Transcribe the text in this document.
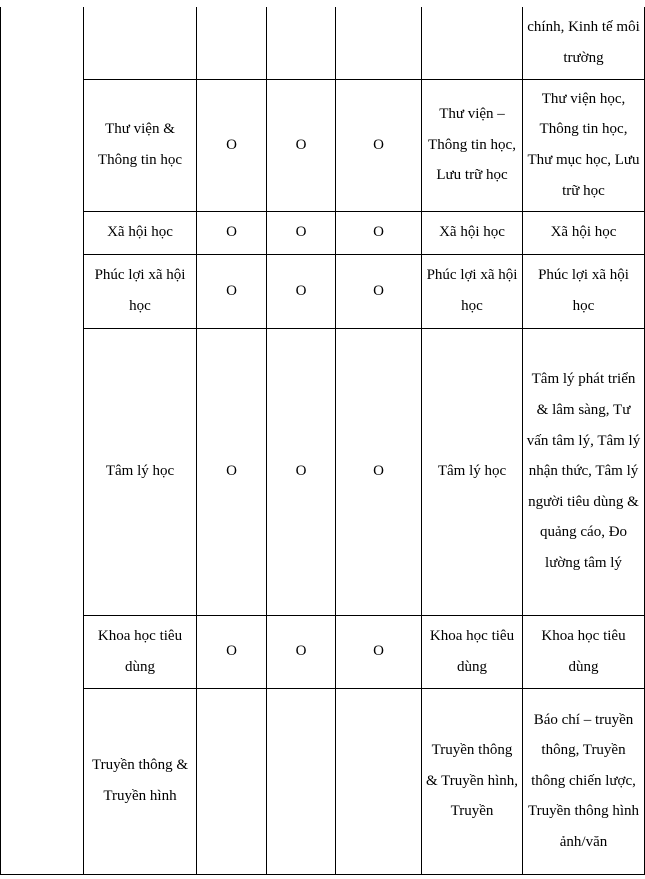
						chính, Kinh tế môi trường
	Thư viện & Thông tin học	O	O	O	Thư viện – Thông tin học, Lưu trữ học	Thư viện học, Thông tin học, Thư mục học, Lưu trữ học
	Xã hội học	O	O	O	Xã hội học	Xã hội học
	Phúc lợi xã hội học	O	O	O	Phúc lợi xã hội học	Phúc lợi xã hội học
	Tâm lý học	O	O	O	Tâm lý học	Tâm lý phát triển & lâm sàng, Tư vấn tâm lý, Tâm lý nhận thức, Tâm lý người tiêu dùng & quảng cáo, Đo lường tâm lý
	Khoa học tiêu dùng	O	O	O	Khoa học tiêu dùng	Khoa học tiêu dùng
	Truyền thông & Truyền hình				Truyền thông & Truyền hình, Truyền	Báo chí – truyền thông, Truyền thông chiến lược, Truyền thông hình ảnh/văn
